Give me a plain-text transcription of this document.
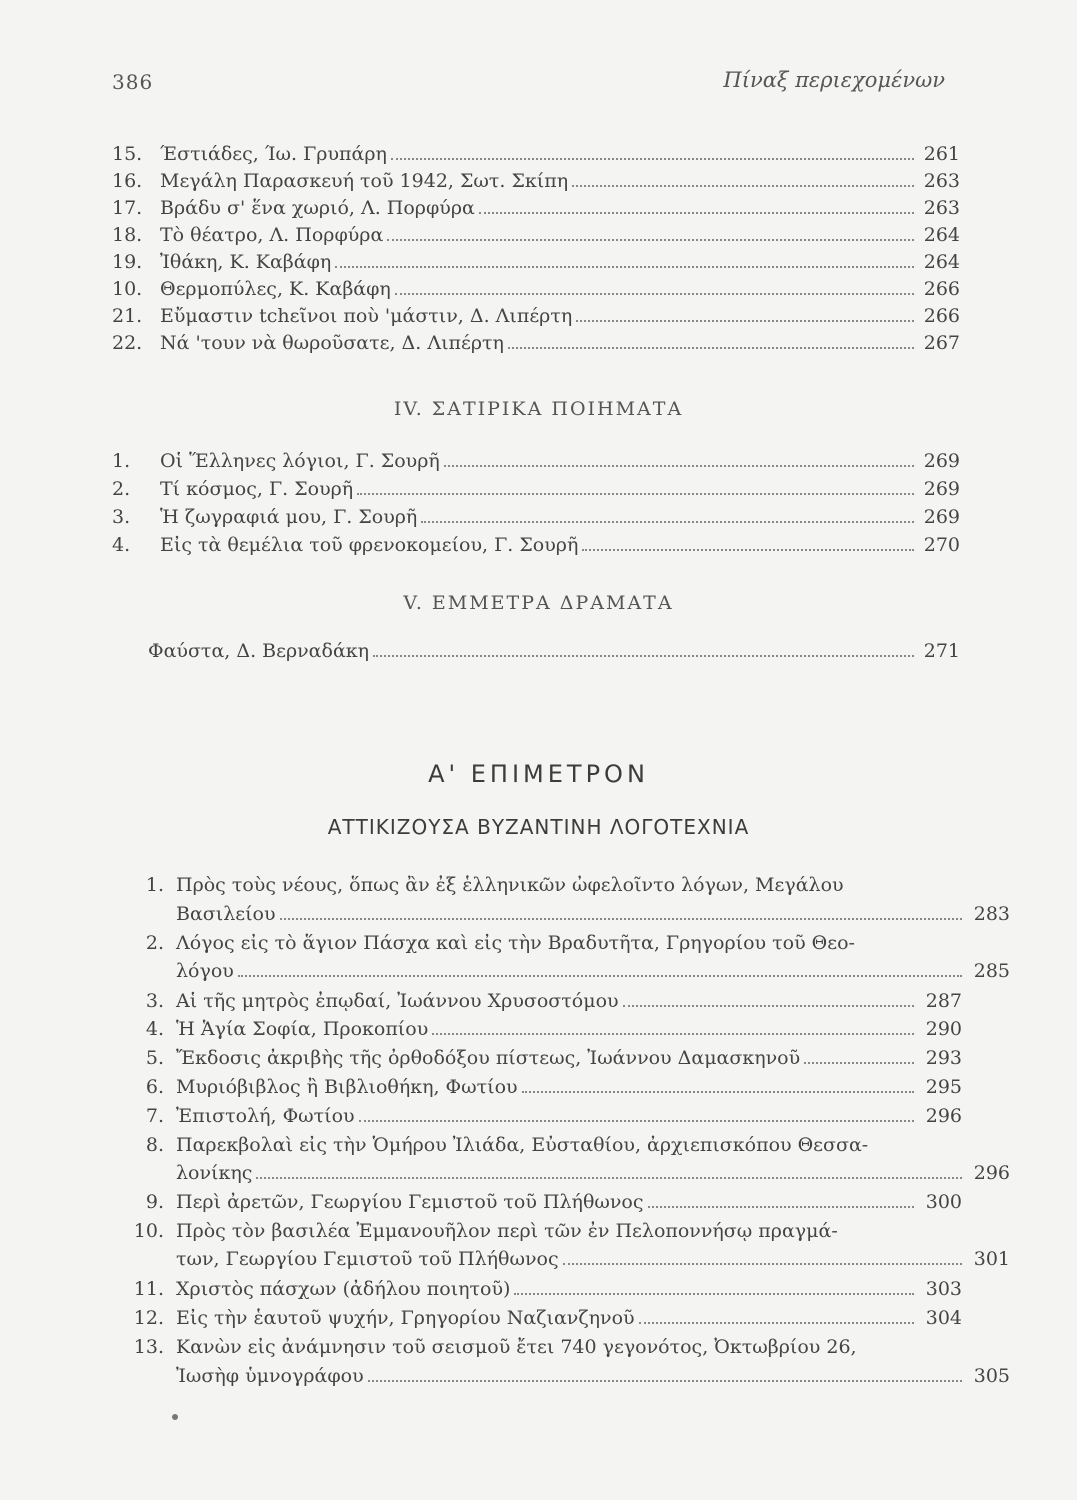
386	Πίναξ περιεχομένων
15. Έστιάδες, Ίω. Γρυπάρη	261
16. Μεγάλη Παρασκευή τοῦ 1942, Σωτ. Σκίπη	263
17. Βράδυ σ' ἕνα χωριό, Λ. Πορφύρα	263
18. Τὸ θέατρο, Λ. Πορφύρα	264
19. Ἰθάκη, Κ. Καβάφη	264
10. Θερμοπύλες, Κ. Καβάφη	266
21. Εὔμαστιν tchεῖνοι ποὺ 'μάστιν, Δ. Λιπέρτη	266
22. Νά 'τουν νὰ θωροῦσατε, Δ. Λιπέρτη	267
IV. ΣΑΤΙΡΙΚΑ ΠΟΙΗΜΑΤΑ
1.	Οἱ Ἕλληνες λόγιοι, Γ. Σουρῆ	269
2.	Τί κόσμος, Γ. Σουρῆ	269
3.	Ἡ ζωγραφιά μου, Γ. Σουρῆ	269
4.	Εἰς τὰ θεμέλια τοῦ φρενοκομείου, Γ. Σουρῆ	270
V. ΕΜΜΕΤΡΑ ΔΡΑΜΑΤΑ
Φαύστα, Δ. Βερναδάκη	271
Α' ΕΠΙΜΕΤΡΟΝ
ΑΤΤΙΚΙΖΟΥΣΑ ΒΥΖΑΝΤΙΝΗ ΛΟΓΟΤΕΧΝΙΑ
1. Πρὸς τοὺς νέους, ὅπως ἂν ἐξ ἑλληνικῶν ὠφελοῖντο λόγων, Μεγάλου
Βασιλείου	283
2. Λόγος εἰς τὸ ἅγιον Πάσχα καὶ εἰς τὴν Βραδυτῆτα, Γρηγορίου τοῦ Θεο-
λόγου	285
3. Αἱ τῆς μητρὸς ἐπῳδαί, Ἰωάννου Χρυσοστόμου	287
4. Ἡ Ἁγία Σοφία, Προκοπίου	290
5. Ἔκδοσις ἀκριβὴς τῆς ὀρθοδόξου πίστεως, Ἰωάννου Δαμασκηνοῦ	293
6. Μυριόβιβλος ἢ Βιβλιοθήκη, Φωτίου	295
7. Ἐπιστολή, Φωτίου	296
8. Παρεκβολαὶ εἰς τὴν Ὁμήρου Ἰλιάδα, Εὐσταθίου, ἀρχιεπισκόπου Θεσσα-
λονίκης	296
9. Περὶ ἀρετῶν, Γεωργίου Γεμιστοῦ τοῦ Πλήθωνος	300
10. Πρὸς τὸν βασιλέα Ἐμμανουῆλον περὶ τῶν ἐν Πελοποννήσῳ πραγμά-
των, Γεωργίου Γεμιστοῦ τοῦ Πλήθωνος	301
11. Χριστὸς πάσχων (ἀδήλου ποιητοῦ)	303
12. Εἰς τὴν ἑαυτοῦ ψυχήν, Γρηγορίου Ναζιανζηνοῦ	304
13. Κανὼν εἰς ἀνάμνησιν τοῦ σεισμοῦ ἔτει 740 γεγονότος, Ὀκτωβρίου 26,
Ἰωσὴφ ὑμνογράφου	305
